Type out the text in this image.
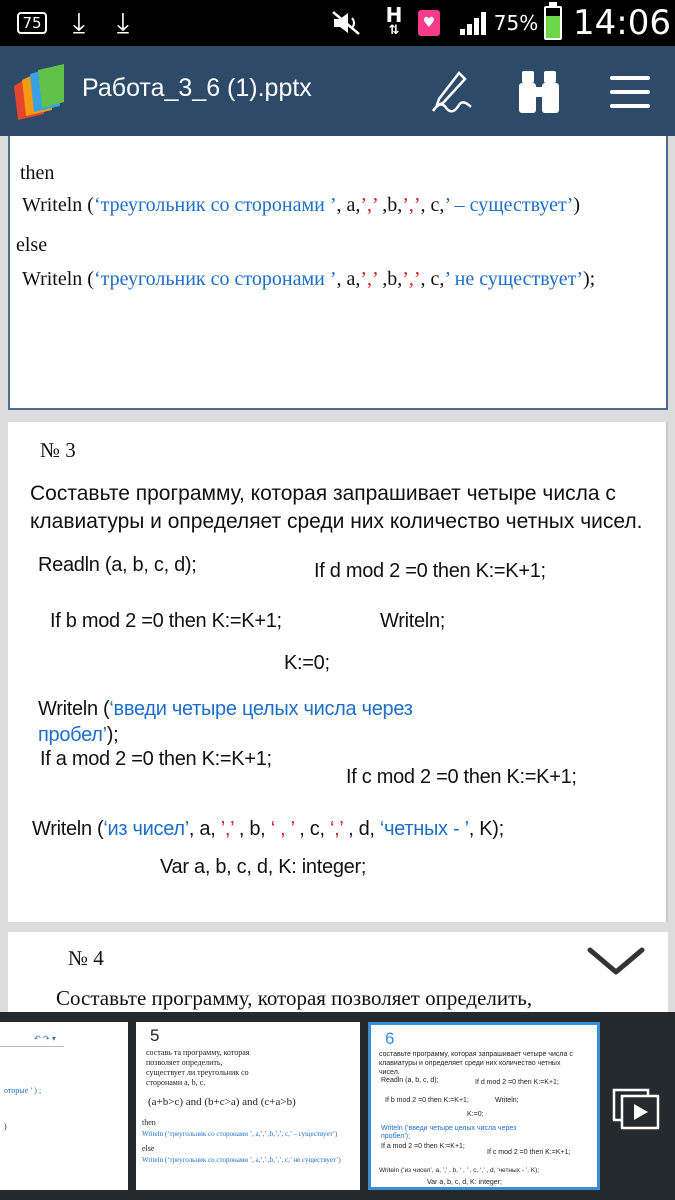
75	⤓	⤓	H
⇅	♥	75% 14:06
Работа_3_6 (1).pptx
then
Writeln (‘треугольник со сторонами ’, a,’,’ ,b,’,’, c,’ – существует’)
else
Writeln (‘треугольник со сторонами ’, a,’,’ ,b,’,’, c,’ не существует’);
№ 3
Составьте программу, которая запрашивает четыре числа с клавиатуры и определяет среди них количество четных чисел.
Readln (a, b, c, d);	If d mod 2 =0 then K:=K+1;
If b mod 2 =0 then K:=K+1;	Writeln;
K:=0;
Writeln (‘введи четыре целых числа через
пробел’);
If a mod 2 =0 then K:=K+1;
If c mod 2 =0 then K:=K+1;
Writeln (‘из чисел’, a, ’,’ , b, ‘ , ’ , c, ‘,’ , d, ‘четных - ’, K);
Var a, b, c, d, K: integer;
№ 4
Составьте программу, которая позволяет определить,
↶ ↷ ▾
оторые ’ ) ;
)
5
составь та программу, которая
позволяет определить,
существует ли треугольник со
сторонами a, b, c.
(a+b>c) and (b+c>a) and (c+a>b)
then
Writeln (‘треугольник со сторонами ’, a,’,’ ,b,’,’, c,’ – существует’)
else
Writeln (‘треугольник со сторонами ’, a,’,’ ,b,’,’, c,’ не существует’)
6
составьте программу, которая запрашивает четыре числа с
клавиатуры и определяет среди них количество четных
чисел.
Readln (a, b, c, d);	If d mod 2 =0 then K:=K+1;
If b mod 2 =0 then K:=K+1;	Writeln;
K:=0;
Writeln (‘введи четыре целых числа через
пробел’);
If a mod 2 =0 then K:=K+1;
If c mod 2 =0 then K:=K+1;
Writeln (‘из чисел’, a, ’,’ , b, ‘ , ’ , c, ‘,’ , d, ‘четных - ’, K);
Var a, b, c, d, K: integer;
